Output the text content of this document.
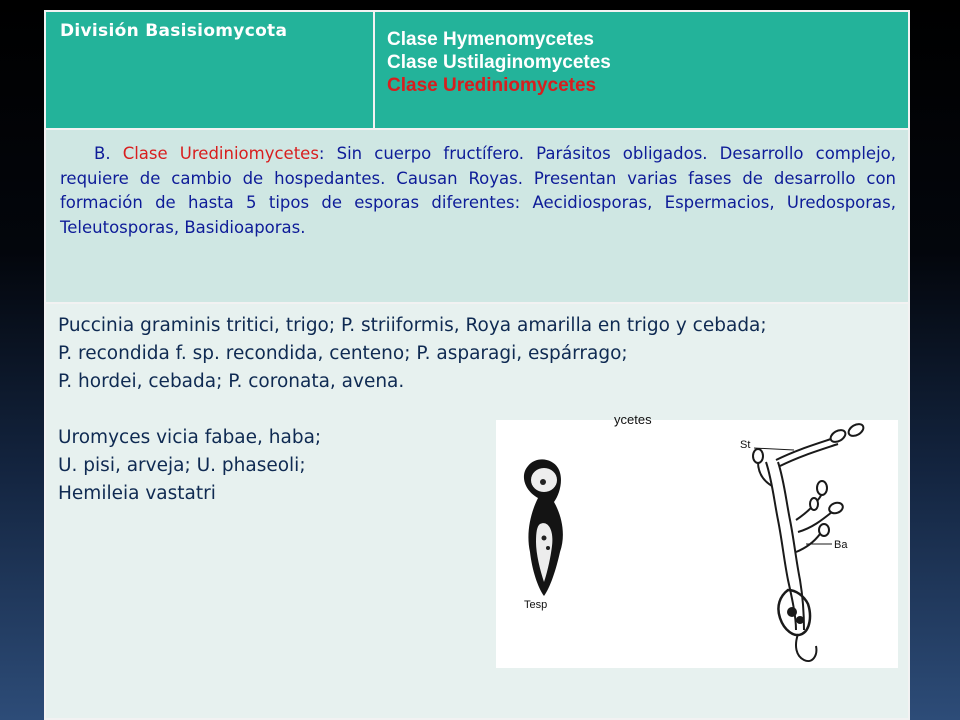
División Basisiomycota	Clase Hymenomycetes
Clase Ustilaginomycetes
Clase Urediniomycetes
B. Clase Urediniomycetes: Sin cuerpo fructífero. Parásitos obligados. Desarrollo complejo, requiere de cambio de hospedantes. Causan Royas. Presentan varias fases de desarrollo con formación de hasta 5 tipos de esporas diferentes: Aecidiosporas, Espermacios, Uredosporas, Teleutosporas, Basidioaporas.
Puccinia graminis tritici, trigo; P. striiformis, Roya amarilla en trigo y cebada;
P. recondida f. sp. recondida, centeno; P. asparagi, espárrago;
P. hordei, cebada; P. coronata, avena.
Uromyces vicia fabae, haba;
U. pisi, arveja; U. phaseoli;
Hemileia vastatri
ycetes
Tesp
St
Ba
